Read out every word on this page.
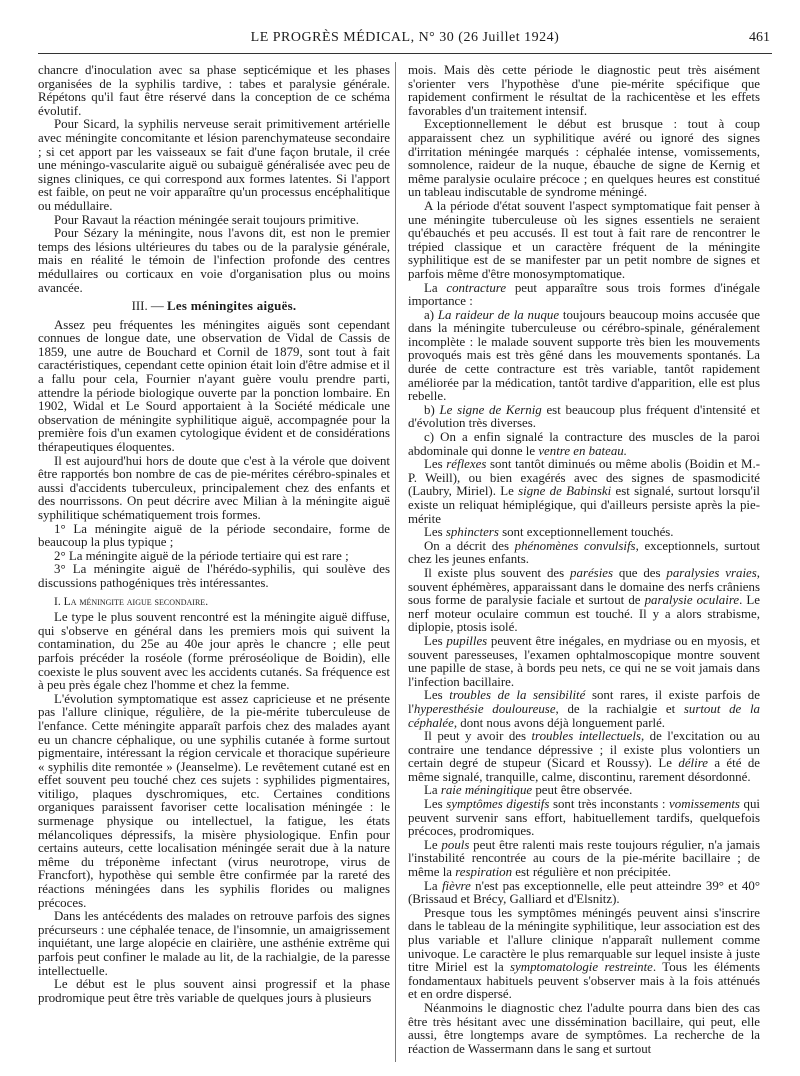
LE PROGRÈS MÉDICAL, N° 30 (26 Juillet 1924)	461

chancre d'inoculation avec sa phase septicémique et les phases organisées de la syphilis tardive, : tabes et paralysie générale. Répétons qu'il faut être réservé dans la conception de ce schéma évolutif.

Pour Sicard, la syphilis nerveuse serait primitivement artérielle avec méningite concomitante et lésion parenchymateuse secondaire ; si cet apport par les vaisseaux se fait d'une façon brutale, il crée une méningo-vascularite aiguë ou subaiguë généralisée avec peu de signes cliniques, ce qui correspond aux formes latentes. Si l'apport est faible, on peut ne voir apparaître qu'un processus encéphalitique ou médullaire.

Pour Ravaut la réaction méningée serait toujours primitive.

Pour Sézary la méningite, nous l'avons dit, est non le premier temps des lésions ultérieures du tabes ou de la paralysie générale, mais en réalité le témoin de l'infection profonde des centres médullaires ou corticaux en voie d'organisation plus ou moins avancée.

III. — Les méningites aiguës.

Assez peu fréquentes les méningites aiguës sont cependant connues de longue date, une observation de Vidal de Cassis de 1859, une autre de Bouchard et Cornil de 1879, sont tout à fait caractéristiques, cependant cette opinion était loin d'être admise et il a fallu pour cela, Fournier n'ayant guère voulu prendre parti, attendre la période biologique ouverte par la ponction lombaire. En 1902, Widal et Le Sourd apportaient à la Société médicale une observation de méningite syphilitique aiguë, accompagnée pour la première fois d'un examen cytologique évident et de considérations thérapeutiques éloquentes.

Il est aujourd'hui hors de doute que c'est à la vérole que doivent être rapportés bon nombre de cas de pie-mérites cérébro-spinales et aussi d'accidents tuberculeux, principalement chez des enfants et des nourrissons. On peut décrire avec Milian à la méningite aiguë syphilitique schématiquement trois formes.

1° La méningite aiguë de la période secondaire, forme de beaucoup la plus typique ;

2° La méningite aiguë de la période tertiaire qui est rare ;

3° La méningite aiguë de l'hérédo-syphilis, qui soulève des discussions pathogéniques très intéressantes.

I. La méningite aigue secondaire.

Le type le plus souvent rencontré est la méningite aiguë diffuse, qui s'observe en général dans les premiers mois qui suivent la contamination, du 25e au 40e jour après le chancre ; elle peut parfois précéder la roséole (forme préroséolique de Boidin), elle coexiste le plus souvent avec les accidents cutanés. Sa fréquence est à peu près égale chez l'homme et chez la femme.

L'évolution symptomatique est assez capricieuse et ne présente pas l'allure clinique, régulière, de la pie-mérite tuberculeuse de l'enfance. Cette méningite apparaît parfois chez des malades ayant eu un chancre céphalique, ou une syphilis cutanée à forme surtout pigmentaire, intéressant la région cervicale et thoracique supérieure « syphilis dite remontée » (Jeanselme). Le revêtement cutané est en effet souvent peu touché chez ces sujets : syphilides pigmentaires, vitiligo, plaques dyschromiques, etc. Certaines conditions organiques paraissent favoriser cette localisation méningée : le surmenage physique ou intellectuel, la fatigue, les états mélancoliques dépressifs, la misère physiologique. Enfin pour certains auteurs, cette localisation méningée serait due à la nature même du tréponème infectant (virus neurotrope, virus de Francfort), hypothèse qui semble être confirmée par la rareté des réactions méningées dans les syphilis florides ou malignes précoces.

Dans les antécédents des malades on retrouve parfois des signes précurseurs : une céphalée tenace, de l'insomnie, un amaigrissement inquiétant, une large alopécie en clairière, une asthénie extrême qui parfois peut confiner le malade au lit, de la rachialgie, de la paresse intellectuelle.

Le début est le plus souvent ainsi progressif et la phase prodromique peut être très variable de quelques jours à plusieurs

mois. Mais dès cette période le diagnostic peut très aisément s'orienter vers l'hypothèse d'une pie-mérite spécifique que rapidement confirment le résultat de la rachicentèse et les effets favorables d'un traitement intensif.

Exceptionnellement le début est brusque : tout à coup apparaissent chez un syphilitique avéré ou ignoré des signes d'irritation méningée marqués : céphalée intense, vomissements, somnolence, raideur de la nuque, ébauche de signe de Kernig et même paralysie oculaire précoce ; en quelques heures est constitué un tableau indiscutable de syndrome méningé.

A la période d'état souvent l'aspect symptomatique fait penser à une méningite tuberculeuse où les signes essentiels ne seraient qu'ébauchés et peu accusés. Il est tout à fait rare de rencontrer le trépied classique et un caractère fréquent de la méningite syphilitique est de se manifester par un petit nombre de signes et parfois même d'être monosymptomatique.

La contracture peut apparaître sous trois formes d'inégale importance :

a) La raideur de la nuque toujours beaucoup moins accusée que dans la méningite tuberculeuse ou cérébro-spinale, généralement incomplète : le malade souvent supporte très bien les mouvements provoqués mais est très gêné dans les mouvements spontanés. La durée de cette contracture est très variable, tantôt rapidement améliorée par la médication, tantôt tardive d'apparition, elle est plus rebelle.

b) Le signe de Kernig est beaucoup plus fréquent d'intensité et d'évolution très diverses.

c) On a enfin signalé la contracture des muscles de la paroi abdominale qui donne le ventre en bateau.

Les réflexes sont tantôt diminués ou même abolis (Boidin et M.-P. Weill), ou bien exagérés avec des signes de spasmodicité (Laubry, Miriel). Le signe de Babinski est signalé, surtout lorsqu'il existe un reliquat hémiplégique, qui d'ailleurs persiste après la pie-mérite

Les sphincters sont exceptionnellement touchés.

On a décrit des phénomènes convulsifs, exceptionnels, surtout chez les jeunes enfants.

Il existe plus souvent des parésies que des paralysies vraies, souvent éphémères, apparaissant dans le domaine des nerfs crâniens sous forme de paralysie faciale et surtout de paralysie oculaire. Le nerf moteur oculaire commun est touché. Il y a alors strabisme, diplopie, ptosis isolé.

Les pupilles peuvent être inégales, en mydriase ou en myosis, et souvent paresseuses, l'examen ophtalmoscopique montre souvent une papille de stase, à bords peu nets, ce qui ne se voit jamais dans l'infection bacillaire.

Les troubles de la sensibilité sont rares, il existe parfois de l'hyperesthésie douloureuse, de la rachialgie et surtout de la céphalée, dont nous avons déjà longuement parlé.

Il peut y avoir des troubles intellectuels, de l'excitation ou au contraire une tendance dépressive ; il existe plus volontiers un certain degré de stupeur (Sicard et Roussy). Le délire a été de même signalé, tranquille, calme, discontinu, rarement désordonné.

La raie méningitique peut être observée.

Les symptômes digestifs sont très inconstants : vomissements qui peuvent survenir sans effort, habituellement tardifs, quelquefois précoces, prodromiques.

Le pouls peut être ralenti mais reste toujours régulier, n'a jamais l'instabilité rencontrée au cours de la pie-mérite bacillaire ; de même la respiration est régulière et non précipitée.

La fièvre n'est pas exceptionnelle, elle peut atteindre 39° et 40° (Brissaud et Brécy, Galliard et d'Elsnitz).

Presque tous les symptômes méningés peuvent ainsi s'inscrire dans le tableau de la méningite syphilitique, leur association est des plus variable et l'allure clinique n'apparaît nullement comme univoque. Le caractère le plus remarquable sur lequel insiste à juste titre Miriel est la symptomatologie restreinte. Tous les éléments fondamentaux habituels peuvent s'observer mais à la fois atténués et en ordre dispersé.

Néanmoins le diagnostic chez l'adulte pourra dans bien des cas être très hésitant avec une dissémination bacillaire, qui peut, elle aussi, être longtemps avare de symptômes. La recherche de la réaction de Wassermann dans le sang et surtout
